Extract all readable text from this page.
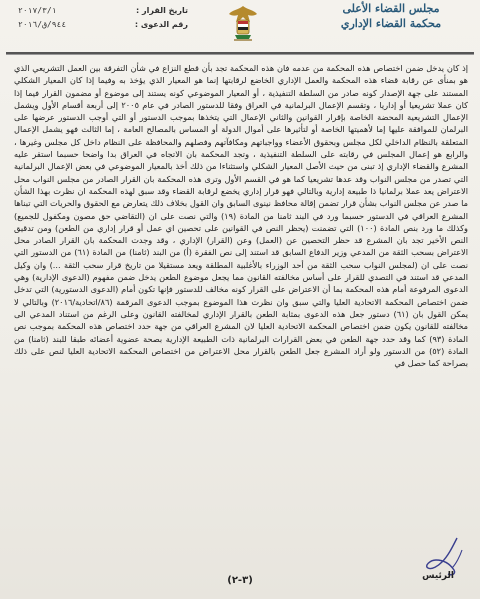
تاريخ القرار :
٢٠١٧/٣/١
رقم الدعوى :
٩٤٤/ق/٢٠١٦
مجلس القضاء الأعلى
محكمة القضاء الإداري

إذ كان يدخل ضمن اختصاص هذه المحكمة من عدمه فان هذه المحكمة تجد بأن قطع النزاع في شأن التفرقة بين العمل التشريعي الذي هو بمنأى عن رقابة قضاء هذه المحكمة والعمل الإداري الخاضع لرقابتها إنما هو المعيار الذي يؤخذ به وفيما إذا كان المعيار الشكلي المستند على جهة الإصدار كونه صادر من السلطة التنفيذية ، أو المعيار الموضوعي كونه يستند إلى موضوع أو مضمون القرار فيما إذا كان عملا تشريعيا أو إداريا ، وتقسم الإعمال البرلمانية في العراق وفقا للدستور الصادر في عام ٢٠٠٥ إلى أربعة أقسام الأول ويشمل الإعمال التشريعية المحضة الخاصة بإقرار القوانين والثاني الإعمال التي يتخذها بموجب الدستور أو التي أوجب الدستور عرضها على البرلمان للموافقة عليها إما لأهميتها الخاصة أو لتأثيرها على أموال الدولة أو المساس بالمصالح العامة ، إما الثالث فهو يشمل الإعمال المتعلقة بالنظام الداخلي لكل مجلس وبحقوق الأعضاء وواجباتهم ومكافآتهم وفصلهم والمحافظة على النظام داخل كل مجلس وغيرها ، والرابع هو إعمال المجلس في رقابته على السلطة التنفيذية ، وتجد المحكمة بان الاتجاه في العراق بدا واضحا حسبما استقر عليه المشرع والقضاء الإداري إذ تبنى من حيث الأصل المعيار الشكلي واستثناءا من ذلك أخذ بالمعيار الموضوعي في بعض الإعمال البرلمانية التي تصدر من مجلس النواب وقد عدها تشريعيا كما هو في القسم الأول وترى هذه المحكمة بان القرار الصادر من مجلس النواب محل الاعتراض يعد عملا برلمانيا ذا طبيعة إدارية وبالتالي فهو قرار إداري يخضع لرقابة القضاء وقد سبق لهذه المحكمة ان نظرت بهذا الشأن ما صدر عن مجلس النواب بشأن قرار تضمن إقالة محافظ نينوى السابق وان القول بخلاف ذلك يتعارض مع الحقوق والحريات التي تبناها المشرع العراقي في الدستور حسبما ورد في البند ثامنا من المادة (١٩) والتي نصت على ان (التقاضي حق مصون ومكفول للجميع) وكذلك ما ورد بنص المادة (١٠٠) التي تضمنت (يحظر النص في القوانين على تحصين اي عمل أو قرار إداري من الطعن) ومن تدقيق النص الأخير تجد بان المشرع قد حظر التحصين عن (العمل) وعن (القرار) الإداري ، وقد وجدت المحكمة بان القرار الصادر محل الاعتراض بسحب الثقة من المدعي وزير الدفاع السابق قد استند إلى نص الفقرة (أ) من البند (ثامنا) من المادة (٦١) من الدستور التي نصت على ان (لمجلس النواب سحب الثقة من أحد الوزراء بالأغلبية المطلقة ويعد مستقيلا من تاريخ قرار سحب الثقة ...) وان وكيل المدعي قد استند في التصدي للقرار على أساس مخالفته القانون مما يجعل موضوع الطعن يدخل ضمن مفهوم (الدعوى الإدارية) وهي الدعوى المرفوعة أمام هذه المحكمة بما أن الاعتراض على القرار كونه مخالف للدستور فإنها تكون أمام (الدعوى الدستورية) التي تدخل ضمن اختصاص المحكمة الاتحادية العليا والتي سبق وان نظرت هذا الموضوع بموجب الدعوى المرقمة (٨٦/اتحادية/٢٠١٦) وبالتالي لا يمكن القول بان (٦١) دستور جعل هذه الدعوى بمثابة الطعن بالقرار الإداري لمخالفته القانون وعلى الرغم من استناد المدعي الى مخالفته للقانون يكون ضمن اختصاص المحكمة الاتحادية العليا لان المشرع العراقي من جهة حدد اختصاص هذه المحكمة بموجب نص المادة (٩٣) كما وقد حدد جهة الطعن في بعض القرارات البرلمانية ذات الطبيعة الإدارية بصحة عضوية أعضائه طبقا للبند (ثامنا) من المادة (٥٢) من الدستور ولو أراد المشرع جعل الطعن بالقرار محل الاعتراض من اختصاص المحكمة الاتحادية العليا لنص على ذلك بصراحة كما حصل في

الرئيس
(٣-٢)
